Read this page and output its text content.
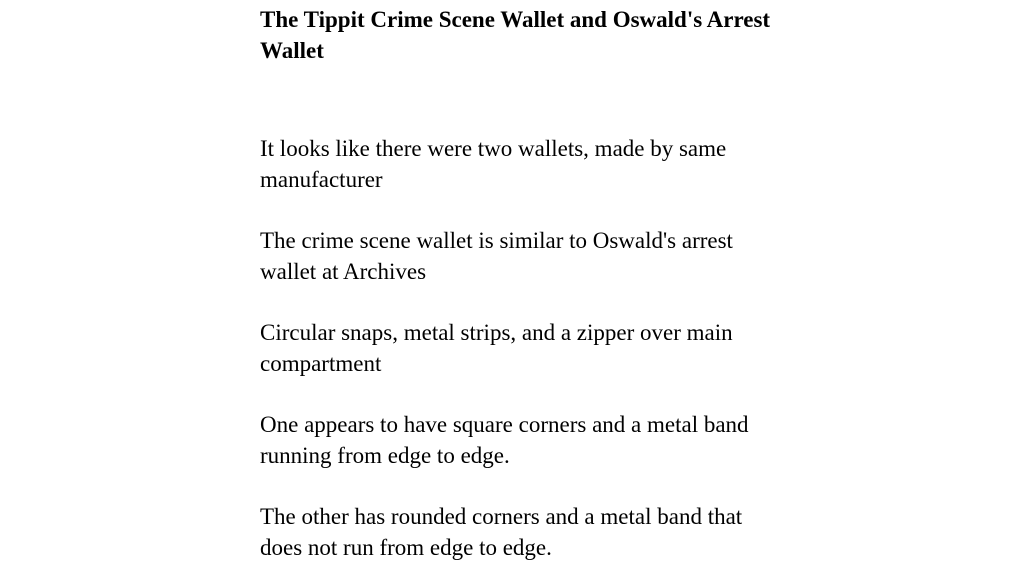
The Tippit Crime Scene Wallet and Oswald's Arrest Wallet

It looks like there were two wallets, made by same manufacturer

The crime scene wallet is similar to Oswald's arrest wallet at Archives

Circular snaps, metal strips, and a zipper over main compartment

One appears to have square corners and a metal band running from edge to edge.

The other has rounded corners and a metal band that does not run from edge to edge.
